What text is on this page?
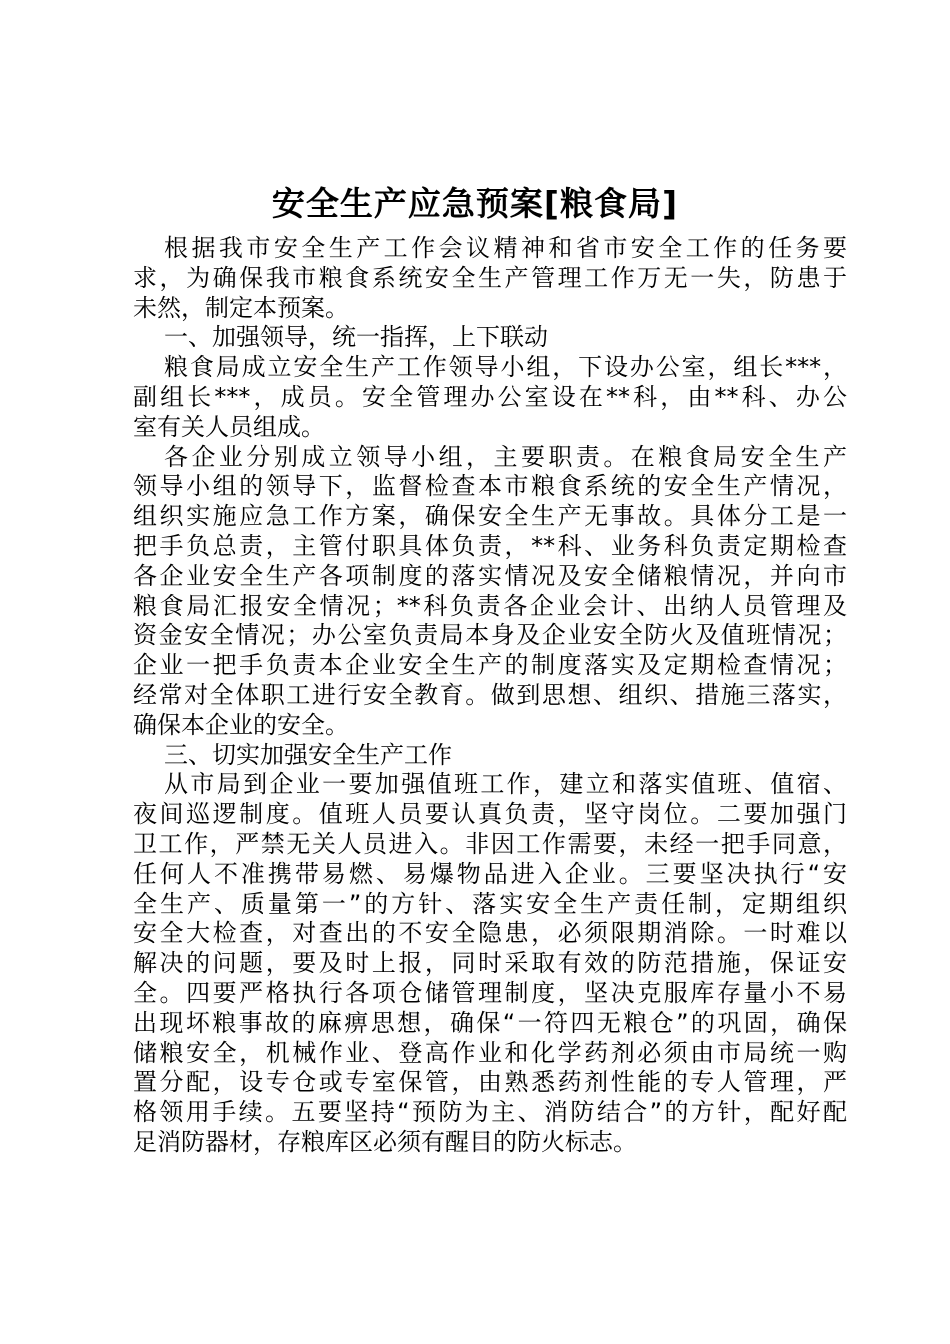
安全生产应急预案[粮食局]
根据我市安全生产工作会议精神和省市安全工作的任务要
求，为确保我市粮食系统安全生产管理工作万无一失，防患于
未然，制定本预案。
一、加强领导，统一指挥，上下联动
粮食局成立安全生产工作领导小组，下设办公室，组长***，
副组长***，成员。安全管理办公室设在**科，由**科、办公
室有关人员组成。
各企业分别成立领导小组，主要职责。在粮食局安全生产
领导小组的领导下，监督检查本市粮食系统的安全生产情况，
组织实施应急工作方案，确保安全生产无事故。具体分工是一
把手负总责，主管付职具体负责，**科、业务科负责定期检查
各企业安全生产各项制度的落实情况及安全储粮情况，并向市
粮食局汇报安全情况；**科负责各企业会计、出纳人员管理及
资金安全情况；办公室负责局本身及企业安全防火及值班情况；
企业一把手负责本企业安全生产的制度落实及定期检查情况；
经常对全体职工进行安全教育。做到思想、组织、措施三落实，
确保本企业的安全。
三、切实加强安全生产工作
从市局到企业一要加强值班工作，建立和落实值班、值宿、
夜间巡逻制度。值班人员要认真负责，坚守岗位。二要加强门
卫工作，严禁无关人员进入。非因工作需要，未经一把手同意，
任何人不准携带易燃、易爆物品进入企业。三要坚决执行“安
全生产、质量第一”的方针、落实安全生产责任制，定期组织
安全大检查，对查出的不安全隐患，必须限期消除。一时难以
解决的问题，要及时上报，同时采取有效的防范措施，保证安
全。四要严格执行各项仓储管理制度，坚决克服库存量小不易
出现坏粮事故的麻痹思想，确保“一符四无粮仓”的巩固，确保
储粮安全，机械作业、登高作业和化学药剂必须由市局统一购
置分配，设专仓或专室保管，由熟悉药剂性能的专人管理，严
格领用手续。五要坚持“预防为主、消防结合”的方针，配好配
足消防器材，存粮库区必须有醒目的防火标志。
